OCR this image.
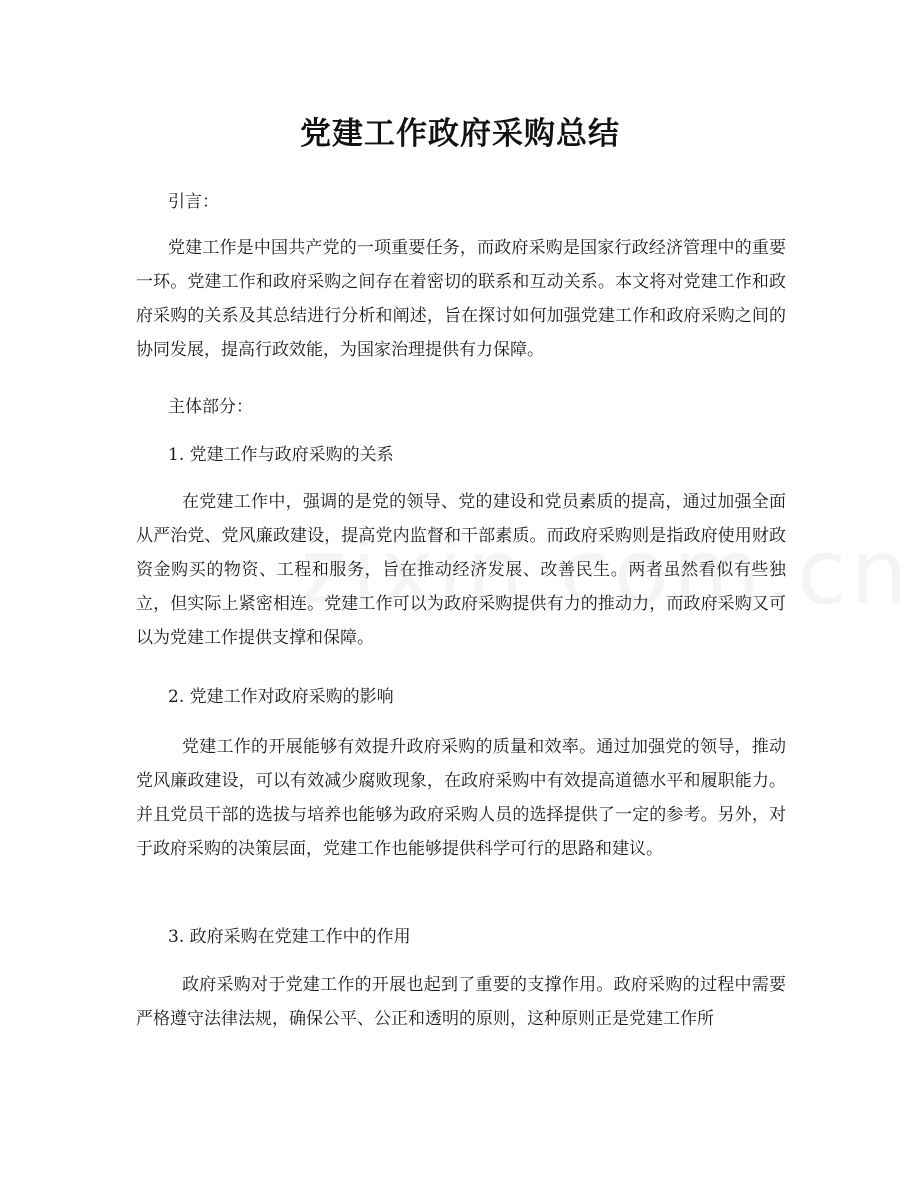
党建工作政府采购总结
引言：
党建工作是中国共产党的一项重要任务，而政府采购是国家行政经济管理中的重要一环。党建工作和政府采购之间存在着密切的联系和互动关系。本文将对党建工作和政府采购的关系及其总结进行分析和阐述，旨在探讨如何加强党建工作和政府采购之间的协同发展，提高行政效能，为国家治理提供有力保障。
主体部分：
1. 党建工作与政府采购的关系
在党建工作中，强调的是党的领导、党的建设和党员素质的提高，通过加强全面从严治党、党风廉政建设，提高党内监督和干部素质。而政府采购则是指政府使用财政资金购买的物资、工程和服务，旨在推动经济发展、改善民生。两者虽然看似有些独立，但实际上紧密相连。党建工作可以为政府采购提供有力的推动力，而政府采购又可以为党建工作提供支撑和保障。
2. 党建工作对政府采购的影响
党建工作的开展能够有效提升政府采购的质量和效率。通过加强党的领导，推动党风廉政建设，可以有效减少腐败现象，在政府采购中有效提高道德水平和履职能力。并且党员干部的选拔与培养也能够为政府采购人员的选择提供了一定的参考。另外，对于政府采购的决策层面，党建工作也能够提供科学可行的思路和建议。
3. 政府采购在党建工作中的作用
政府采购对于党建工作的开展也起到了重要的支撑作用。政府采购的过程中需要严格遵守法律法规，确保公平、公正和透明的原则，这种原则正是党建工作所
